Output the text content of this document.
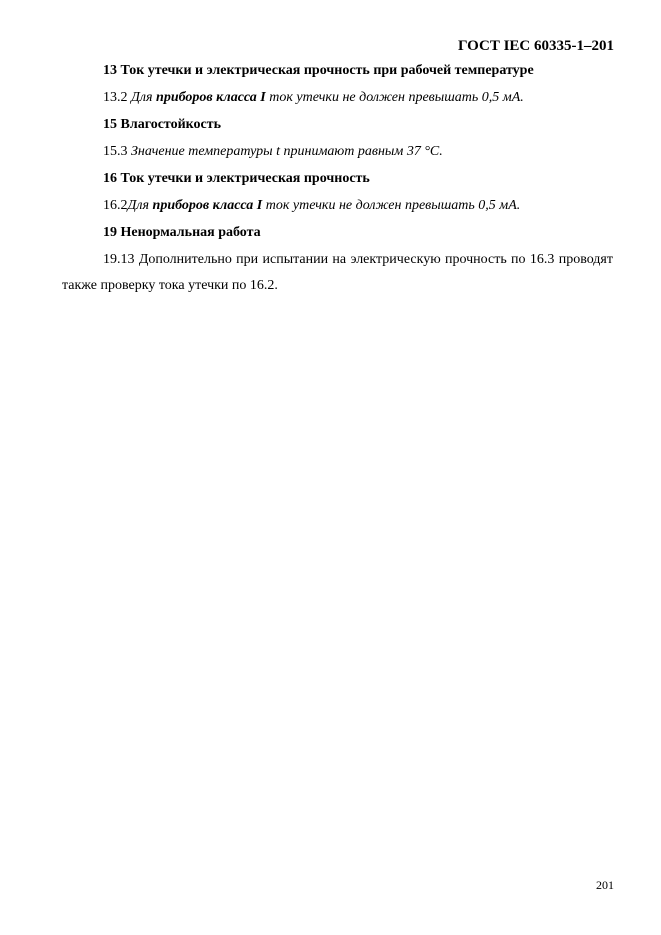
ГОСТ IEC 60335-1–201
13 Ток утечки и электрическая прочность при рабочей температуре
13.2 Для приборов класса I ток утечки не должен превышать 0,5 мА.
15 Влагостойкость
15.3 Значение температуры t принимают равным 37 °С.
16 Ток утечки и электрическая прочность
16.2Для приборов класса I ток утечки не должен превышать 0,5 мА.
19 Ненормальная работа
19.13 Дополнительно при испытании на электрическую прочность по 16.3 проводят также проверку тока утечки по 16.2.
201
